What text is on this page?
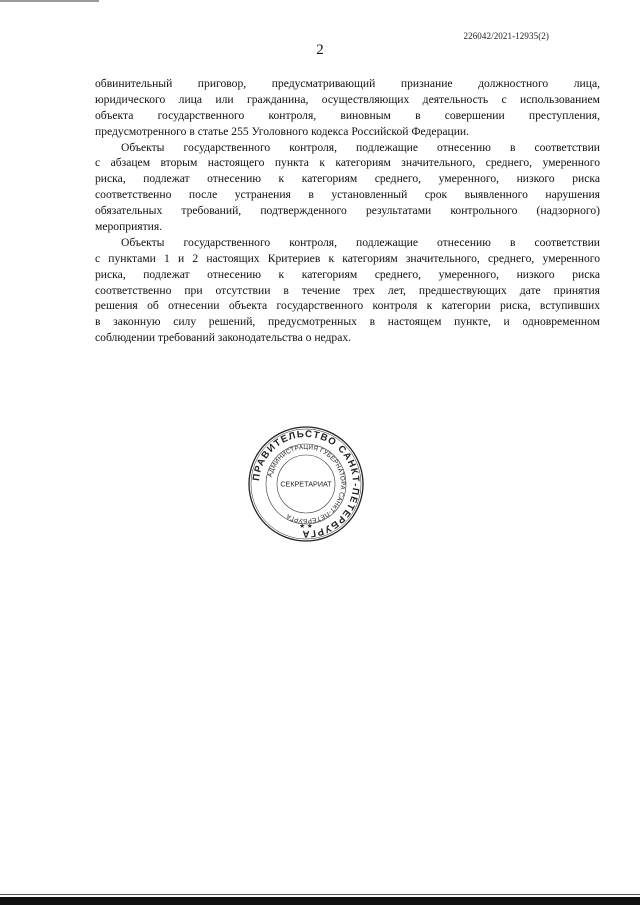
226042/2021-12935(2)
2
обвинительный приговор, предусматривающий признание должностного лица,
юридического лица или гражданина, осуществляющих деятельность с использованием
объекта государственного контроля, виновным в совершении преступления,
предусмотренного в статье 255 Уголовного кодекса Российской Федерации.
Объекты государственного контроля, подлежащие отнесению в соответствии
с абзацем вторым настоящего пункта к категориям значительного, среднего, умеренного
риска, подлежат отнесению к категориям среднего, умеренного, низкого риска
соответственно после устранения в установленный срок выявленного нарушения
обязательных требований, подтвержденного результатами контрольного (надзорного)
мероприятия.
Объекты государственного контроля, подлежащие отнесению в соответствии
с пунктами 1 и 2 настоящих Критериев к категориям значительного, среднего, умеренного
риска, подлежат отнесению к категориям среднего, умеренного, низкого риска
соответственно при отсутствии в течение трех лет, предшествующих дате принятия
решения об отнесении объекта государственного контроля к категории риска, вступивших
в законную силу решений, предусмотренных в настоящем пункте, и одновременном
соблюдении требований законодательства о недрах.
ПРАВИТЕЛЬСТВО САНКТ-ПЕТЕРБУРГА
АДМИНИСТРАЦИЯ ГУБЕРНАТОРА САНКТ-ПЕТЕРБУРГА
СЕКРЕТАРИАТ
★ ★
